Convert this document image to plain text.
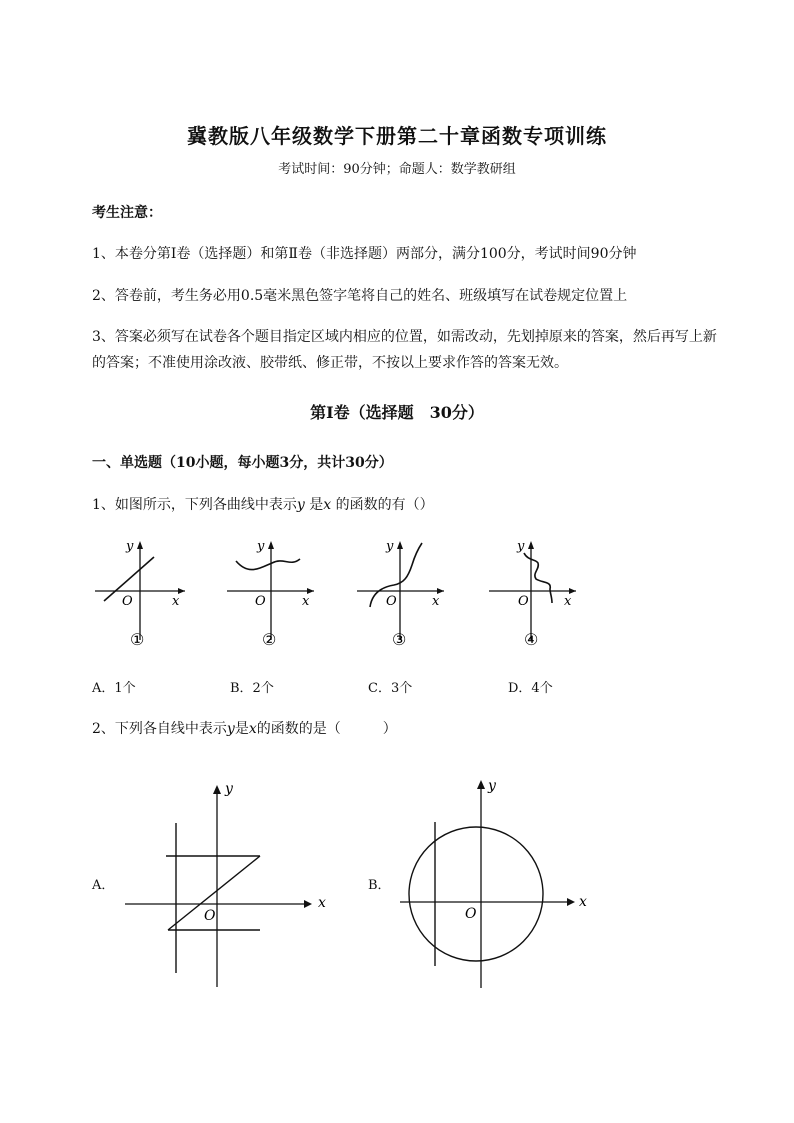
冀教版八年级数学下册第二十章函数专项训练
考试时间：90分钟；命题人：数学教研组
考生注意：
1、本卷分第I卷（选择题）和第Ⅱ卷（非选择题）两部分，满分100分，考试时间90分钟
2、答卷前，考生务必用0.5毫米黑色签字笔将自己的姓名、班级填写在试卷规定位置上
3、答案必须写在试卷各个题目指定区域内相应的位置，如需改动，先划掉原来的答案，然后再写上新
的答案；不准使用涂改液、胶带纸、修正带，不按以上要求作答的答案无效。
第I卷（选择题　30分）
一、单选题（10小题，每小题3分，共计30分）
1、如图所示，下列各曲线中表示y 是x 的函数的有（）
y
x
O
①
y
x
O
②
y
x
O
③
y
x
O
④
A．1个	B．2个	C．3个	D．4个
2、下列各自线中表示y是x的函数的是（　　　）
A．
y
x
O
B．
y
x
O
